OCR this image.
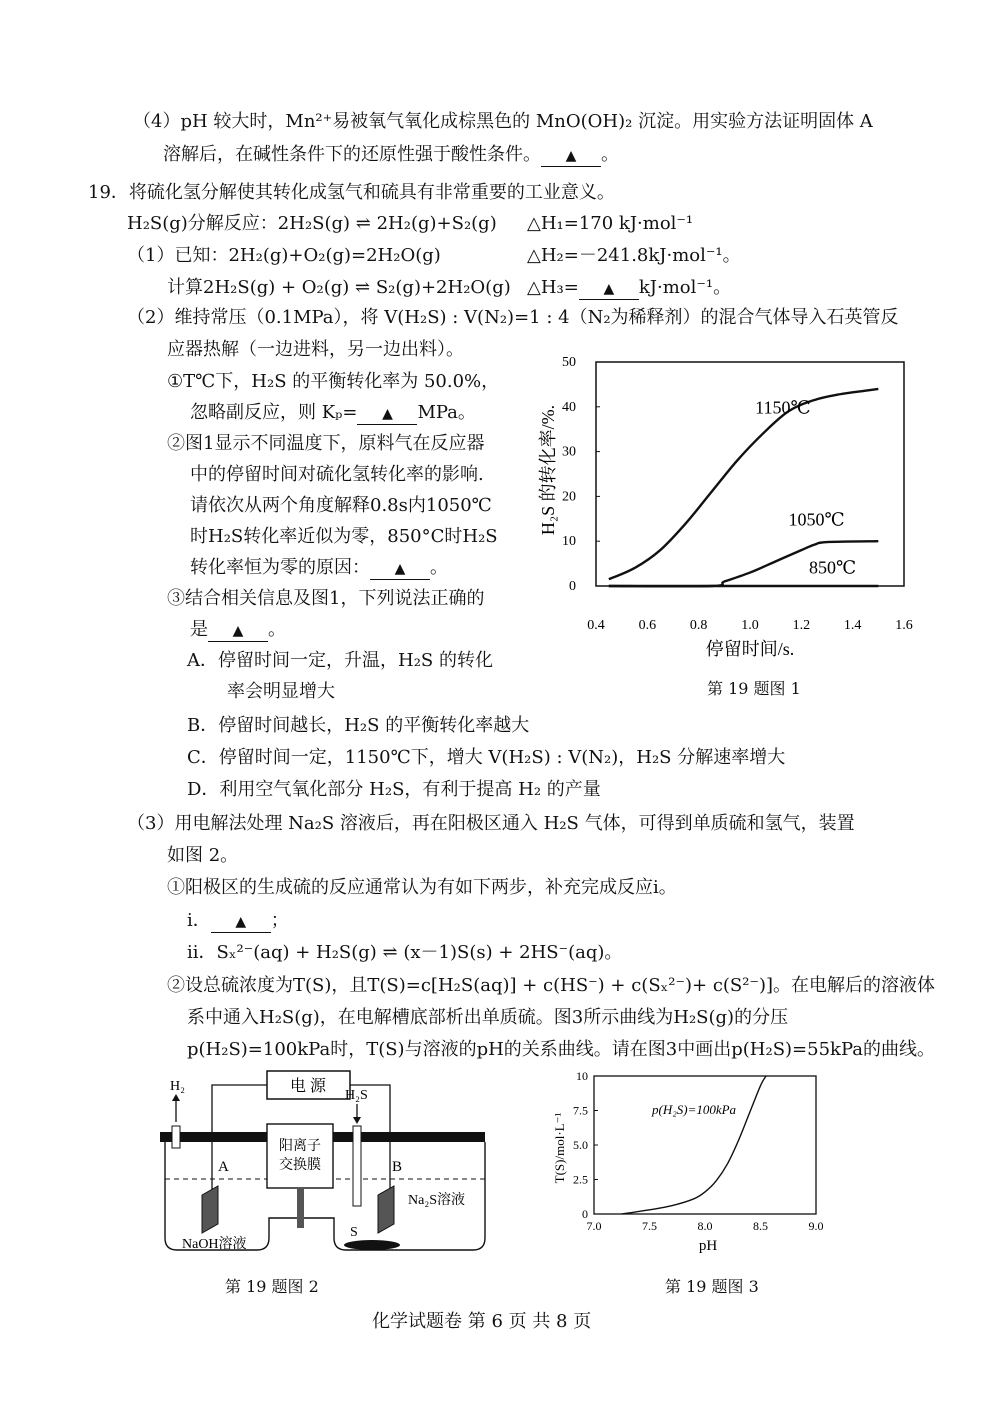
（4）pH 较大时，Mn²⁺易被氧气氧化成棕黑色的 MnO(OH)₂ 沉淀。用实验方法证明固体 A
溶解后，在碱性条件下的还原性强于酸性条件。 ▲	。
19．将硫化氢分解使其转化成氢气和硫具有非常重要的工业意义。
H₂S(g)分解反应：2H₂S(g) ⇌ 2H₂(g)+S₂(g) △H₁=170 kJ·mol⁻¹
（1）已知：2H₂(g)+O₂(g)=2H₂O(g)	△H₂=－241.8kJ·mol⁻¹。
计算2H₂S(g) + O₂(g) ⇌ S₂(g)+2H₂O(g) △H₃= ▲	kJ·mol⁻¹。
（2）维持常压（0.1MPa），将 V(H₂S) : V(N₂)=1 : 4（N₂为稀释剂）的混合气体导入石英管反
应器热解（一边进料，另一边出料）。
①T℃下，H₂S 的平衡转化率为 50.0%，
忽略副反应，则 Kₚ= ▲	MPa。
②图1显示不同温度下，原料气在反应器
中的停留时间对硫化氢转化率的影响.
请依次从两个角度解释0.8s内1050℃
时H₂S转化率近似为零，850°C时H₂S
转化率恒为零的原因： ▲	。
③结合相关信息及图1，下列说法正确的
是 ▲	。
A．停留时间一定，升温，H₂S 的转化
率会明显增大
B．停留时间越长，H₂S 的平衡转化率越大
C．停留时间一定，1150℃下，增大 V(H₂S) : V(N₂)，H₂S 分解速率增大
D．利用空气氧化部分 H₂S，有利于提高 H₂ 的产量
（3）用电解法处理 Na₂S 溶液后，再在阳极区通入 H₂S 气体，可得到单质硫和氢气，装置
如图 2。
①阳极区的生成硫的反应通常认为有如下两步，补充完成反应i。
i． ▲	；
ii．Sₓ²⁻(aq) + H₂S(g) ⇌ (x－1)S(s) + 2HS⁻(aq)。
②设总硫浓度为T(S)，且T(S)=c[H₂S(aq)] + c(HS⁻) + c(Sₓ²⁻)+ c(S²⁻)]。在电解后的溶液体
系中通入H₂S(g)，在电解槽底部析出单质硫。图3所示曲线为H₂S(g)的分压
p(H₂S)=100kPa时，T(S)与溶液的pH的关系曲线。请在图3中画出p(H₂S)=55kPa的曲线。
0.4 0.6 0.8 1.0 1.2 1.4 1.6
0
10
20
30
40
50
1150℃
1050℃
850℃
H₂S 的转化率/%.
停留时间/s.
第 19 题图 1
电 源
阳离子
交换膜
A	B
H₂
H₂S
NaOH溶液
Na₂S溶液
S
第 19 题图 2
7.0	7.5	8.0	8.5	9.0
0
2.5
5.0
7.5
10
p(H₂S)=100kPa
T(S)/mol·L⁻¹
pH
第 19 题图 3
化学试题卷 第 6 页 共 8 页
